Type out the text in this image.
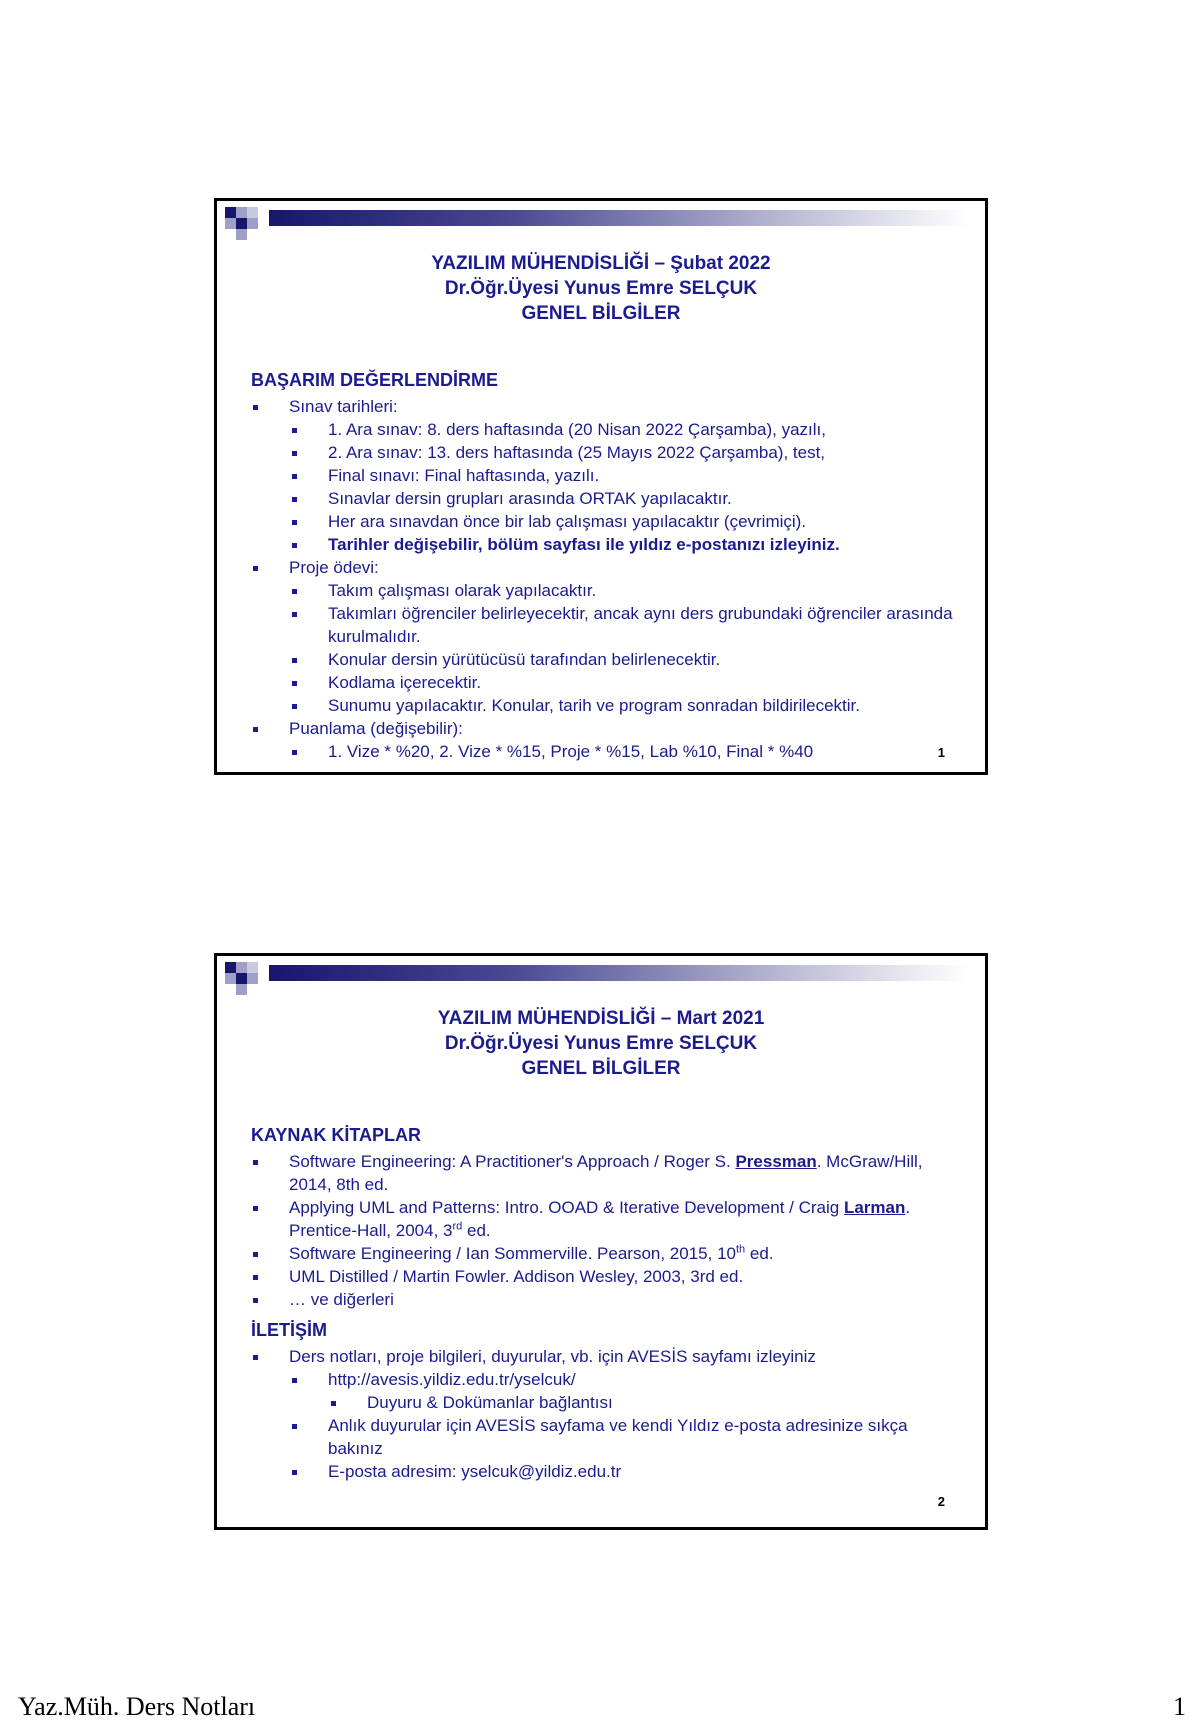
YAZILIM MÜHENDİSLİĞİ – Şubat 2022
Dr.Öğr.Üyesi Yunus Emre SELÇUK
GENEL BİLGİLER
BAŞARIM DEĞERLENDİRME
Sınav tarihleri:
1. Ara sınav: 8. ders haftasında (20 Nisan 2022 Çarşamba), yazılı,
2. Ara sınav: 13. ders haftasında (25 Mayıs 2022 Çarşamba), test,
Final sınavı: Final haftasında, yazılı.
Sınavlar dersin grupları arasında ORTAK yapılacaktır.
Her ara sınavdan önce bir lab çalışması yapılacaktır (çevrimiçi).
Tarihler değişebilir, bölüm sayfası ile yıldız e-postanızı izleyiniz.
Proje ödevi:
Takım çalışması olarak yapılacaktır.
Takımları öğrenciler belirleyecektir, ancak aynı ders grubundaki öğrenciler arasında kurulmalıdır.
Konular dersin yürütücüsü tarafından belirlenecektir.
Kodlama içerecektir.
Sunumu yapılacaktır. Konular, tarih ve program sonradan bildirilecektir.
Puanlama (değişebilir):
1. Vize * %20, 2. Vize * %15, Proje * %15, Lab %10, Final * %40	1
YAZILIM MÜHENDİSLİĞİ – Mart 2021
Dr.Öğr.Üyesi Yunus Emre SELÇUK
GENEL BİLGİLER
KAYNAK KİTAPLAR
Software Engineering: A Practitioner's Approach / Roger S. Pressman. McGraw/Hill, 2014, 8th ed.
Applying UML and Patterns: Intro. OOAD & Iterative Development / Craig Larman. Prentice-Hall, 2004, 3rd ed.
Software Engineering / Ian Sommerville. Pearson, 2015, 10th ed.
UML Distilled / Martin Fowler. Addison Wesley, 2003, 3rd ed.
… ve diğerleri
İLETİŞİM
Ders notları, proje bilgileri, duyurular, vb. için AVESİS sayfamı izleyiniz
http://avesis.yildiz.edu.tr/yselcuk/
Duyuru & Dokümanlar bağlantısı
Anlık duyurular için AVESİS sayfama ve kendi Yıldız e-posta adresinize sıkça bakınız
E-posta adresim: yselcuk@yildiz.edu.tr
2
Yaz.Müh. Ders Notları	1
